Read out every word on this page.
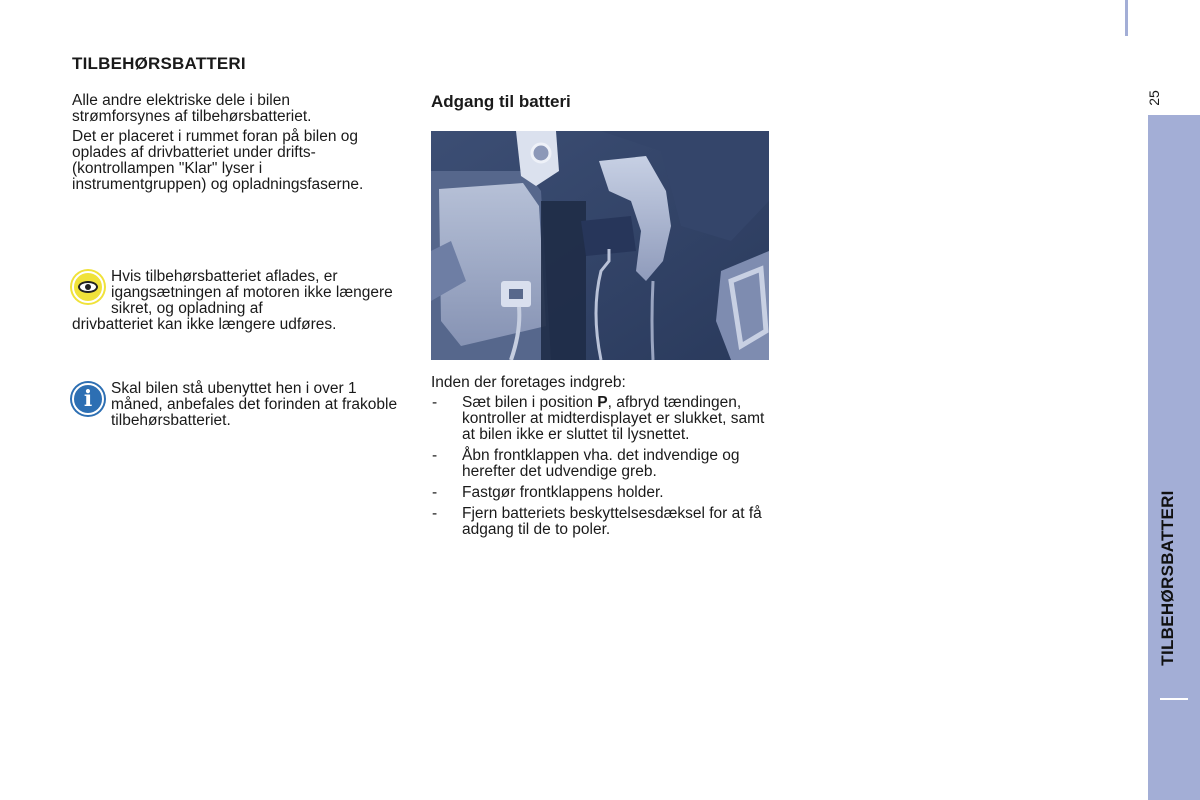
TILBEHØRSBATTERI

Alle andre elektriske dele i bilen strømforsynes af tilbehørsbatteriet.

Det er placeret i rummet foran på bilen og oplades af drivbatteriet under drifts- (kontrollampen "Klar" lyser i instrumentgruppen) og opladningsfaserne.

Hvis tilbehørsbatteriet aflades, er igangsætningen af motoren ikke længere sikret, og opladning af
drivbatteriet kan ikke længere udføres.
i	Skal bilen stå ubenyttet hen i over 1 måned, anbefales det forinden at frakoble tilbehørsbatteriet.
Adgang til batteri

Inden der foretages indgreb:

- Sæt bilen i position P, afbryd tændingen, kontroller at midterdisplayet er slukket, samt at bilen ikke er sluttet til lysnettet.
- Åbn frontklappen vha. det indvendige og herefter det udvendige greb.
- Fastgør frontklappens holder.
- Fjern batteriets beskyttelsesdæksel for at få adgang til de to poler.
25
TILBEHØRSBATTERI
